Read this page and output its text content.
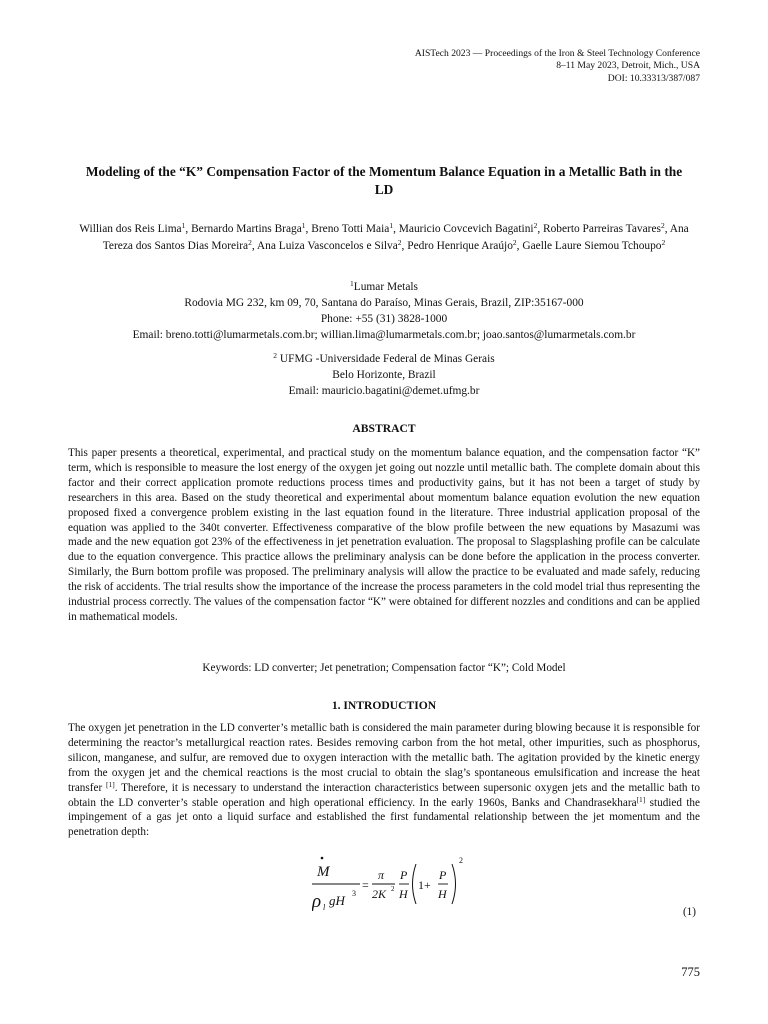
AISTech 2023 — Proceedings of the Iron & Steel Technology Conference
8–11 May 2023, Detroit, Mich., USA
DOI: 10.33313/387/087
Modeling of the “K” Compensation Factor of the Momentum Balance Equation in a Metallic Bath in the LD
Willian dos Reis Lima$^1$, Bernardo Martins Braga$^1$, Breno Totti Maia$^1$, Mauricio Covcevich Bagatini$^2$, Roberto Parreiras Tavares$^2$, Ana Tereza dos Santos Dias Moreira$^2$, Ana Luiza Vasconcelos e Silva$^2$, Pedro Henrique Araújo$^2$, Gaelle Laure Siemou Tchoupo$^2$
$^1$Lumar Metals
Rodovia MG 232, km 09, 70, Santana do Paraíso, Minas Gerais, Brazil, ZIP:35167-000
Phone: +55 (31) 3828-1000
Email: breno.totti@lumarmetals.com.br; willian.lima@lumarmetals.com.br; joao.santos@lumarmetals.com.br
$^2$ UFMG -Universidade Federal de Minas Gerais
Belo Horizonte, Brazil
Email: mauricio.bagatini@demet.ufmg.br
ABSTRACT
This paper presents a theoretical, experimental, and practical study on the momentum balance equation, and the compensation factor “K” term, which is responsible to measure the lost energy of the oxygen jet going out nozzle until metallic bath. The complete domain about this factor and their correct application promote reductions process times and productivity gains, but it has not been a target of study by researchers in this area. Based on the study theoretical and experimental about momentum balance equation evolution the new equation proposed fixed a convergence problem existing in the last equation found in the literature. Three industrial application proposal of the equation was applied to the 340t converter. Effectiveness comparative of the blow profile between the new equations by Masazumi was made and the new equation got 23% of the effectiveness in jet penetration evaluation. The proposal to Slagsplashing profile can be calculate due to the equation convergence. This practice allows the preliminary analysis can be done before the application in the process converter. Similarly, the Burn bottom profile was proposed. The preliminary analysis will allow the practice to be evaluated and made safely, reducing the risk of accidents. The trial results show the importance of the increase the process parameters in the cold model trial thus representing the industrial process correctly. The values of the compensation factor “K” were obtained for different nozzles and conditions and can be applied in mathematical models.
Keywords: LD converter; Jet penetration; Compensation factor “K”; Cold Model
1. INTRODUCTION
The oxygen jet penetration in the LD converter’s metallic bath is considered the main parameter during blowing because it is responsible for determining the reactor’s metallurgical reaction rates. Besides removing carbon from the hot metal, other impurities, such as phosphorus, silicon, manganese, and sulfur, are removed due to oxygen interaction with the metallic bath. The agitation provided by the kinetic energy from the oxygen jet and the chemical reactions is the most crucial to obtain the slag’s spontaneous emulsification and increase the heat transfer [1]. Therefore, it is necessary to understand the interaction characteristics between supersonic oxygen jets and the metallic bath to obtain the LD converter’s stable operation and high operational efficiency. In the early 1960s, Banks and Chandrasekhara[1] studied the impingement of a gas jet onto a liquid surface and established the first fundamental relationship between the jet momentum and the penetration depth:
M
ρ l gH 3
=
π
2K 2
P
H
1+
P
H
2
(1)
775
